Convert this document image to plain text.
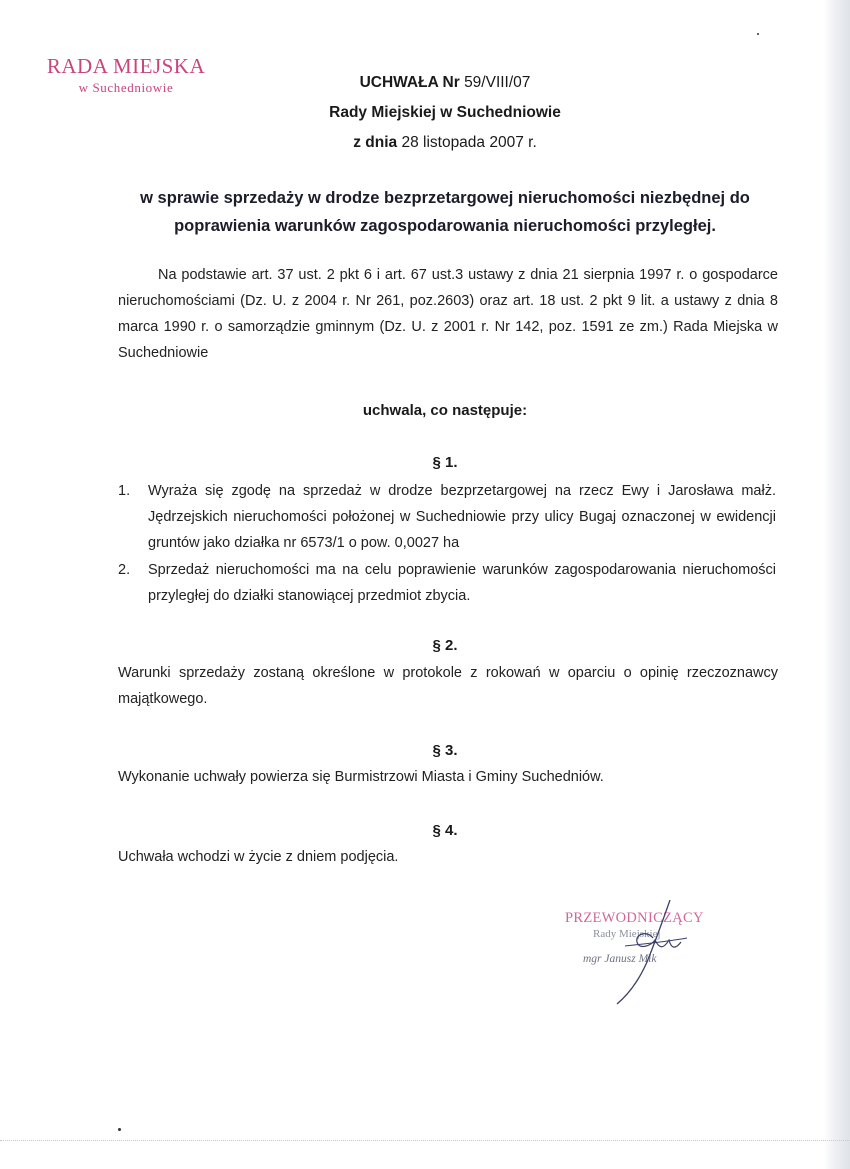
RADA MIEJSKA
w Suchedniowie	UCHWAŁA Nr 59/VIII/07
Rady Miejskiej w Suchedniowie
z dnia 28 listopada 2007 r.
w sprawie sprzedaży w drodze bezprzetargowej nieruchomości niezbędnej do poprawienia warunków zagospodarowania nieruchomości przyległej.
Na podstawie art. 37 ust. 2 pkt 6 i art. 67 ust.3 ustawy z dnia 21 sierpnia 1997 r. o gospodarce nieruchomościami (Dz. U. z 2004 r. Nr 261, poz.2603) oraz art. 18 ust. 2 pkt 9 lit. a ustawy z dnia 8 marca 1990 r. o samorządzie gminnym (Dz. U. z 2001 r. Nr 142, poz. 1591 ze zm.) Rada Miejska w Suchedniowie
uchwala, co następuje:
§ 1.
1.	Wyraża się zgodę na sprzedaż w drodze bezprzetargowej na rzecz Ewy i Jarosława małż. Jędrzejskich nieruchomości położonej w Suchedniowie przy ulicy Bugaj oznaczonej w ewidencji gruntów jako działka nr 6573/1 o pow. 0,0027 ha
2.	Sprzedaż nieruchomości ma na celu poprawienie warunków zagospodarowania nieruchomości przyległej do działki stanowiącej przedmiot zbycia.
§ 2.
Warunki sprzedaży zostaną określone w protokole z rokowań w oparciu o opinię rzeczoznawcy majątkowego.
§ 3.
Wykonanie uchwały powierza się Burmistrzowi Miasta i Gminy Suchedniów.
§ 4.
Uchwała wchodzi w życie z dniem podjęcia.
PRZEWODNICZĄCY
Rady Miejskiej
mgr Janusz Mik
